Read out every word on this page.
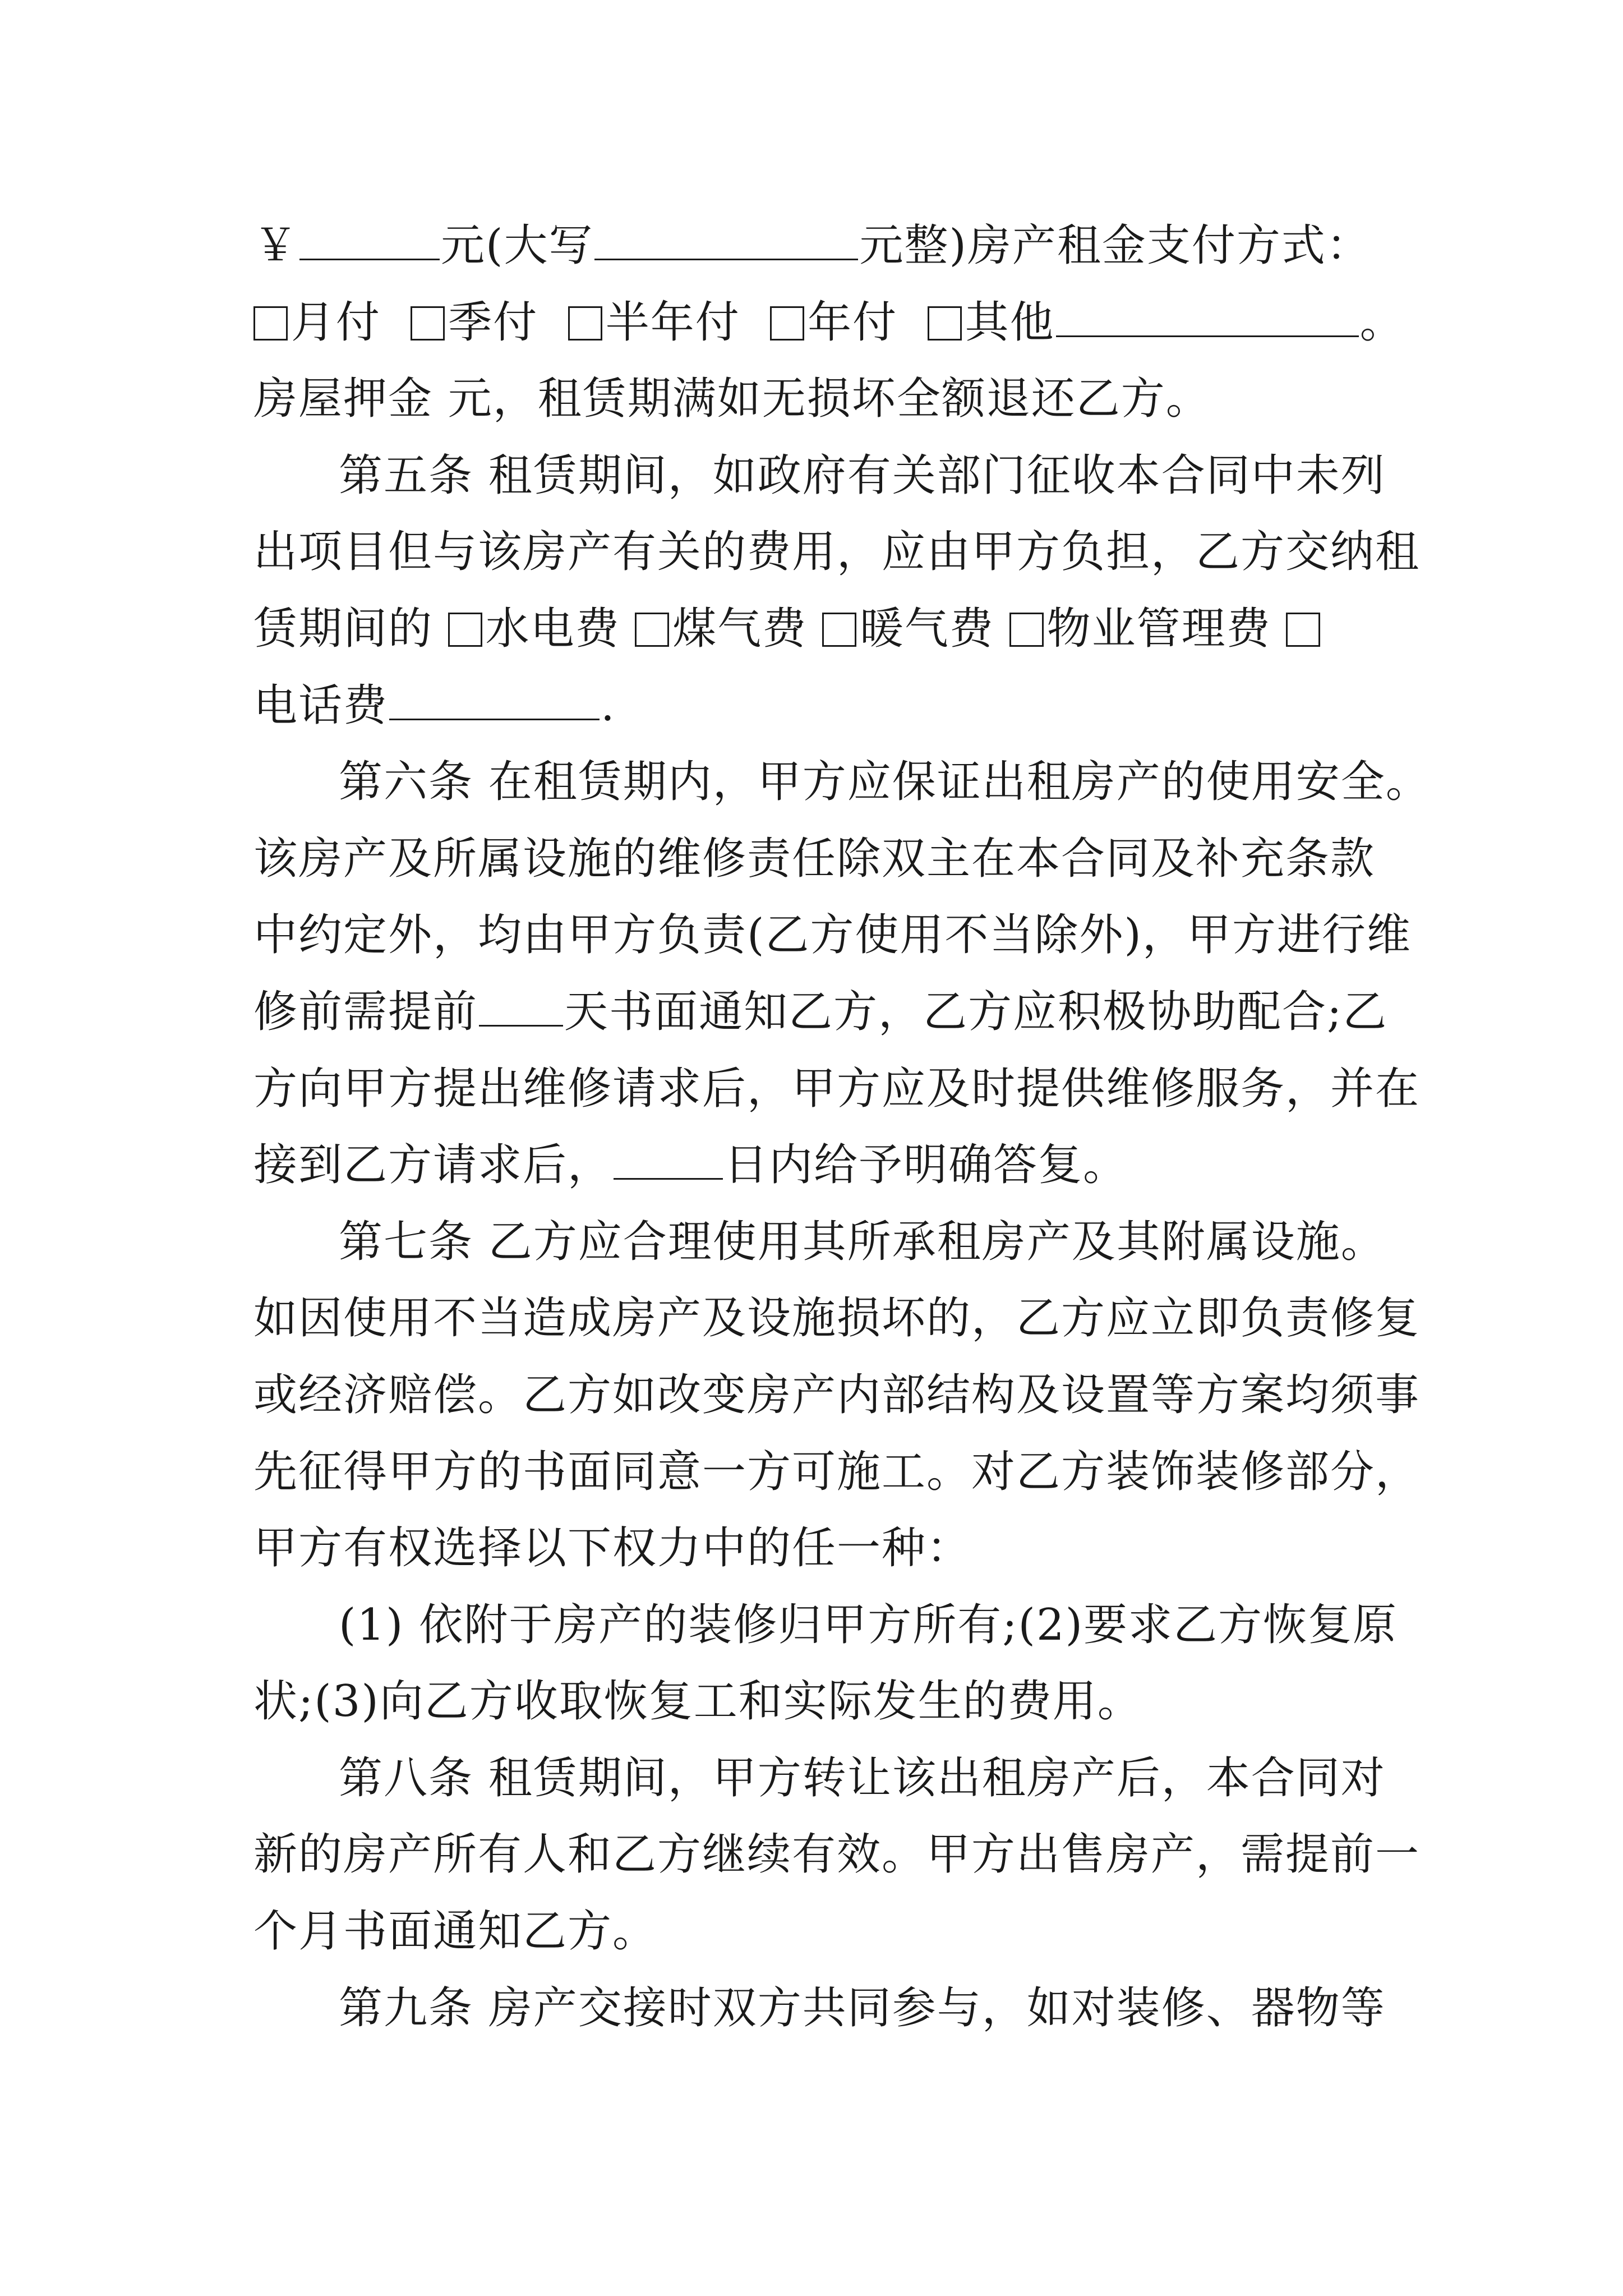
￥	元(大写	元整)房产租金支付方式：
月付 季付 半年付 年付 其他	。
房屋押金 元，租赁期满如无损坏全额退还乙方。
第五条 租赁期间，如政府有关部门征收本合同中未列
出项目但与该房产有关的费用，应由甲方负担，乙方交纳租
赁期间的 水电费 煤气费 暖气费 物业管理费
电话费	.
第六条 在租赁期内，甲方应保证出租房产的使用安全。
该房产及所属设施的维修责任除双主在本合同及补充条款
中约定外，均由甲方负责(乙方使用不当除外)，甲方进行维
修前需提前 天书面通知乙方，乙方应积极协助配合;乙
方向甲方提出维修请求后，甲方应及时提供维修服务，并在
接到乙方请求后，	日内给予明确答复。
第七条 乙方应合理使用其所承租房产及其附属设施。
如因使用不当造成房产及设施损坏的，乙方应立即负责修复
或经济赔偿。乙方如改变房产内部结构及设置等方案均须事
先征得甲方的书面同意一方可施工。对乙方装饰装修部分，
甲方有权选择以下权力中的任一种：
(1) 依附于房产的装修归甲方所有;(2)要求乙方恢复原
状;(3)向乙方收取恢复工和实际发生的费用。
第八条 租赁期间，甲方转让该出租房产后，本合同对
新的房产所有人和乙方继续有效。甲方出售房产，需提前一
个月书面通知乙方。
第九条 房产交接时双方共同参与，如对装修、器物等
